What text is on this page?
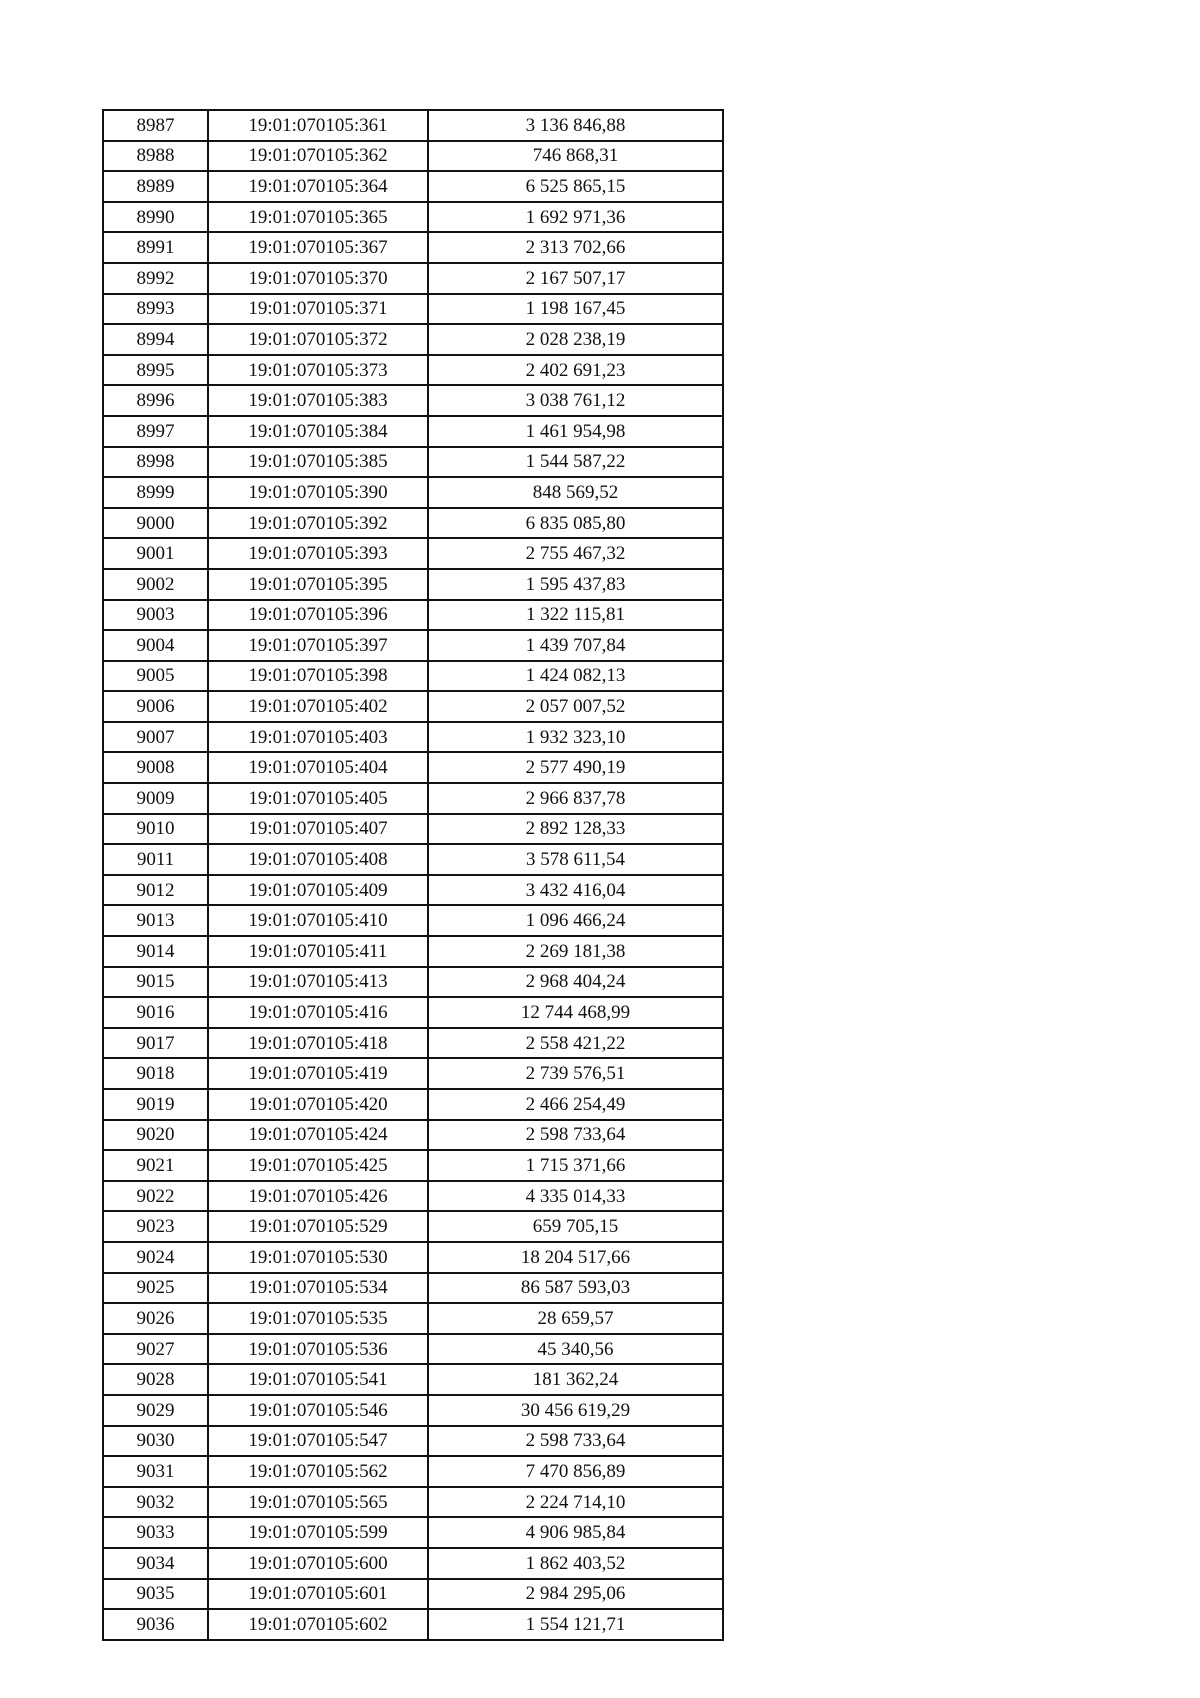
8987	19:01:070105:361	3 136 846,88
8988	19:01:070105:362	746 868,31
8989	19:01:070105:364	6 525 865,15
8990	19:01:070105:365	1 692 971,36
8991	19:01:070105:367	2 313 702,66
8992	19:01:070105:370	2 167 507,17
8993	19:01:070105:371	1 198 167,45
8994	19:01:070105:372	2 028 238,19
8995	19:01:070105:373	2 402 691,23
8996	19:01:070105:383	3 038 761,12
8997	19:01:070105:384	1 461 954,98
8998	19:01:070105:385	1 544 587,22
8999	19:01:070105:390	848 569,52
9000	19:01:070105:392	6 835 085,80
9001	19:01:070105:393	2 755 467,32
9002	19:01:070105:395	1 595 437,83
9003	19:01:070105:396	1 322 115,81
9004	19:01:070105:397	1 439 707,84
9005	19:01:070105:398	1 424 082,13
9006	19:01:070105:402	2 057 007,52
9007	19:01:070105:403	1 932 323,10
9008	19:01:070105:404	2 577 490,19
9009	19:01:070105:405	2 966 837,78
9010	19:01:070105:407	2 892 128,33
9011	19:01:070105:408	3 578 611,54
9012	19:01:070105:409	3 432 416,04
9013	19:01:070105:410	1 096 466,24
9014	19:01:070105:411	2 269 181,38
9015	19:01:070105:413	2 968 404,24
9016	19:01:070105:416	12 744 468,99
9017	19:01:070105:418	2 558 421,22
9018	19:01:070105:419	2 739 576,51
9019	19:01:070105:420	2 466 254,49
9020	19:01:070105:424	2 598 733,64
9021	19:01:070105:425	1 715 371,66
9022	19:01:070105:426	4 335 014,33
9023	19:01:070105:529	659 705,15
9024	19:01:070105:530	18 204 517,66
9025	19:01:070105:534	86 587 593,03
9026	19:01:070105:535	28 659,57
9027	19:01:070105:536	45 340,56
9028	19:01:070105:541	181 362,24
9029	19:01:070105:546	30 456 619,29
9030	19:01:070105:547	2 598 733,64
9031	19:01:070105:562	7 470 856,89
9032	19:01:070105:565	2 224 714,10
9033	19:01:070105:599	4 906 985,84
9034	19:01:070105:600	1 862 403,52
9035	19:01:070105:601	2 984 295,06
9036	19:01:070105:602	1 554 121,71
